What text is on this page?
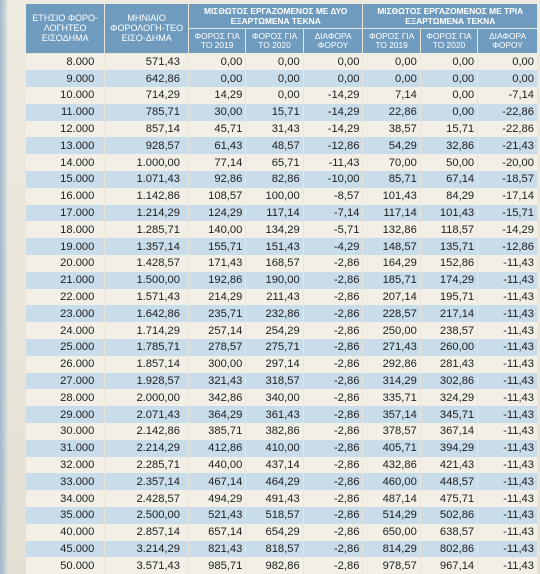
ΕΤΗΣΙΟ ΦΟΡΟ-ΛΟΓΗΤΕΟ ΕΙΣΟΔΗΜΑ	ΜΗΝΙΑΙΟ ΦΟΡΟΛΟΓΗ-ΤΕΟ ΕΙΣΟ-ΔΗΜΑ	ΜΙΣΘΩΤΟΣ ΕΡΓΑΖΟΜΕΝΟΣ ΜΕ ΔΥΟ ΕΞΑΡΤΩΜΕΝΑ ΤΕΚΝΑ			ΜΙΣΘΩΤΟΣ ΕΡΓΑΖΟΜΕΝΟΣ ΜΕ ΤΡΙΑ ΕΞΑΡΤΩΜΕΝΑ ΤΕΚΝΑ		
		ΦΟΡΟΣ ΓΙΑ ΤΟ 2019	ΦΟΡΟΣ ΓΙΑ ΤΟ 2020	ΔΙΑΦΟΡΑ ΦΟΡΟΥ	ΦΟΡΟΣ ΓΙΑ ΤΟ 2019	ΦΟΡΟΣ ΓΙΑ ΤΟ 2020	ΔΙΑΦΟΡΑ ΦΟΡΟΥ
8.000	571,43	0,00	0,00	0,00	0,00	0,00	0,00
9.000	642,86	0,00	0,00	0,00	0,00	0,00	0,00
10.000	714,29	14,29	0,00	-14,29	7,14	0,00	-7,14
11.000	785,71	30,00	15,71	-14,29	22,86	0,00	-22,86
12.000	857,14	45,71	31,43	-14,29	38,57	15,71	-22,86
13.000	928,57	61,43	48,57	-12,86	54,29	32,86	-21,43
14.000	1.000,00	77,14	65,71	-11,43	70,00	50,00	-20,00
15.000	1.071,43	92,86	82,86	-10,00	85,71	67,14	-18,57
16.000	1.142,86	108,57	100,00	-8,57	101,43	84,29	-17,14
17.000	1.214,29	124,29	117,14	-7,14	117,14	101,43	-15,71
18.000	1.285,71	140,00	134,29	-5,71	132,86	118,57	-14,29
19.000	1.357,14	155,71	151,43	-4,29	148,57	135,71	-12,86
20.000	1.428,57	171,43	168,57	-2,86	164,29	152,86	-11,43
21.000	1.500,00	192,86	190,00	-2,86	185,71	174,29	-11,43
22.000	1.571,43	214,29	211,43	-2,86	207,14	195,71	-11,43
23.000	1.642,86	235,71	232,86	-2,86	228,57	217,14	-11,43
24.000	1.714,29	257,14	254,29	-2,86	250,00	238,57	-11,43
25.000	1.785,71	278,57	275,71	-2,86	271,43	260,00	-11,43
26.000	1.857,14	300,00	297,14	-2,86	292,86	281,43	-11,43
27.000	1.928,57	321,43	318,57	-2,86	314,29	302,86	-11,43
28.000	2.000,00	342,86	340,00	-2,86	335,71	324,29	-11,43
29.000	2.071,43	364,29	361,43	-2,86	357,14	345,71	-11,43
30.000	2.142,86	385,71	382,86	-2,86	378,57	367,14	-11,43
31.000	2.214,29	412,86	410,00	-2,86	405,71	394,29	-11,43
32.000	2.285,71	440,00	437,14	-2,86	432,86	421,43	-11,43
33.000	2.357,14	467,14	464,29	-2,86	460,00	448,57	-11,43
34.000	2.428,57	494,29	491,43	-2,86	487,14	475,71	-11,43
35.000	2.500,00	521,43	518,57	-2,86	514,29	502,86	-11,43
40.000	2.857,14	657,14	654,29	-2,86	650,00	638,57	-11,43
45.000	3.214,29	821,43	818,57	-2,86	814,29	802,86	-11,43
50.000	3.571,43	985,71	982,86	-2,86	978,57	967,14	-11,43
